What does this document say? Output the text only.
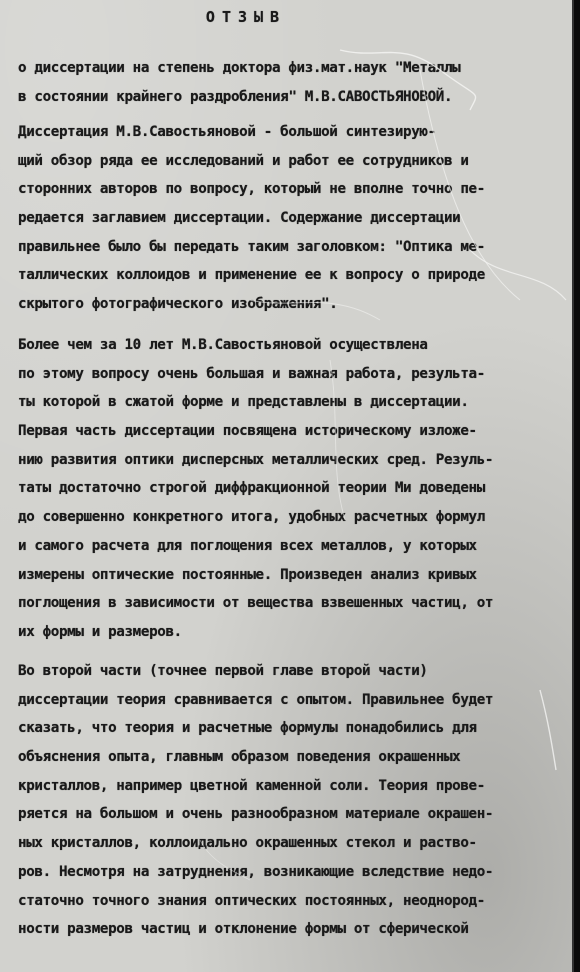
ОТЗЫВ
о диссертации на степень доктора физ.мат.наук "Металлы
в состоянии крайнего раздробления" М.В.САВОСТЬЯНОВОЙ.
Диссертация М.В.Савостьяновой - большой синтезирую-
щий обзор ряда ее исследований и работ ее сотрудников и
сторонних авторов по вопросу, который не вполне точно пе-
редается заглавием диссертации. Содержание диссертации
правильнее было бы передать таким заголовком: "Оптика ме-
таллических коллоидов и применение ее к вопросу о природе
скрытого фотографического изображения".
Более чем за 10 лет М.В.Савостьяновой осуществлена
по этому вопросу очень большая и важная работа, результа-
ты которой в сжатой форме и представлены в диссертации.
Первая часть диссертации посвящена историческому изложе-
нию развития оптики дисперсных металлических сред. Резуль-
таты достаточно строгой диффракционной теории Ми доведены
до совершенно конкретного итога, удобных расчетных формул
и самого расчета для поглощения всех металлов, у которых
измерены оптические постоянные. Произведен анализ кривых
поглощения в зависимости от вещества взвешенных частиц, от
их формы и размеров.
Во второй части (точнее первой главе второй части)
диссертации теория сравнивается с опытом. Правильнее будет
сказать, что теория и расчетные формулы понадобились для
объяснения опыта, главным образом поведения окрашенных
кристаллов, например цветной каменной соли. Теория прове-
ряется на большом и очень разнообразном материале окрашен-
ных кристаллов, коллоидально окрашенных стекол и раство-
ров. Несмотря на затруднения, возникающие вследствие недо-
статочно точного знания оптических постоянных, неоднород-
ности размеров частиц и отклонение формы от сферической
